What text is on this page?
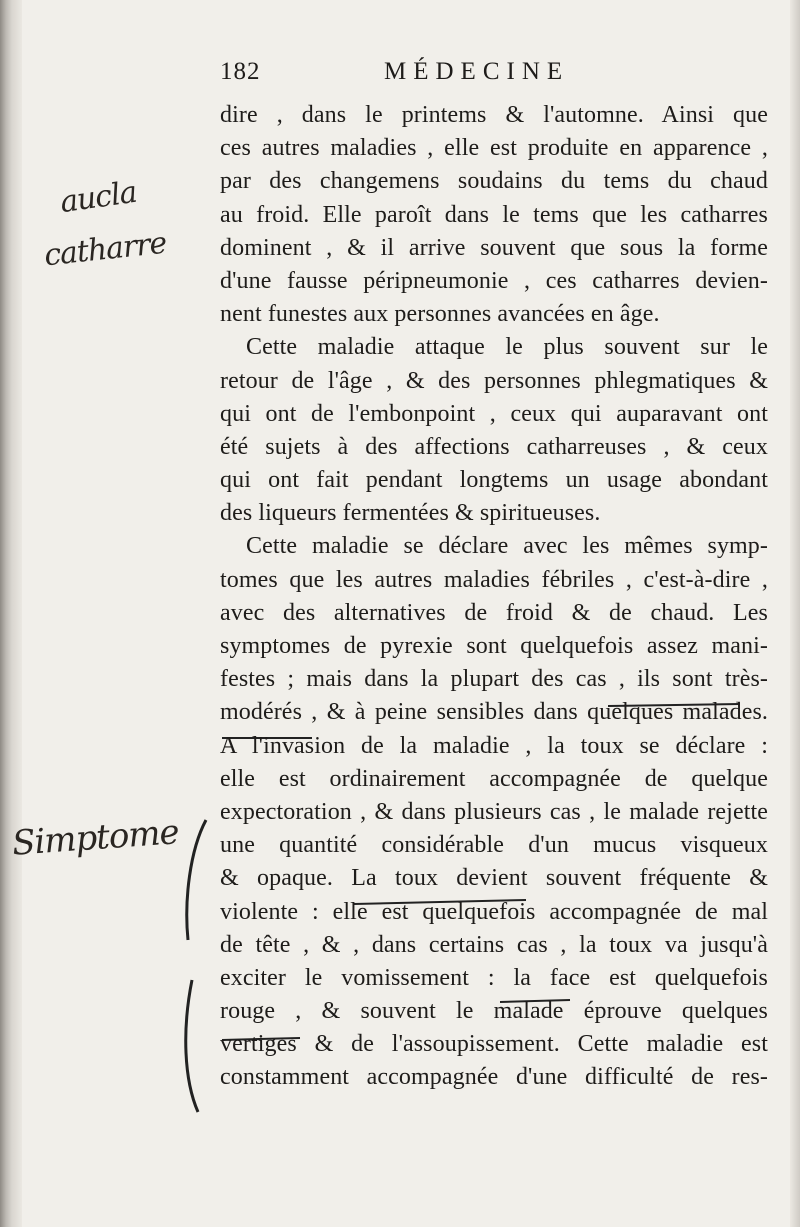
182	MÉDECINE
aucla
catharre
Simptome
dire , dans le printems & l'automne. Ainsi que
ces autres maladies , elle est produite en apparence ,
par des changemens soudains du tems du chaud
au froid. Elle paroît dans le tems que les catharres
dominent , & il arrive souvent que sous la forme
d'une fausse péripneumonie , ces catharres devien-
nent funestes aux personnes avancées en âge.
Cette maladie attaque le plus souvent sur le
retour de l'âge , & des personnes phlegmatiques &
qui ont de l'embonpoint , ceux qui auparavant ont
été sujets à des affections catharreuses , & ceux
qui ont fait pendant longtems un usage abondant
des liqueurs fermentées & spiritueuses.
Cette maladie se déclare avec les mêmes symp-
tomes que les autres maladies fébriles , c'est-à-dire ,
avec des alternatives de froid & de chaud. Les
symptomes de pyrexie sont quelquefois assez mani-
festes ; mais dans la plupart des cas , ils sont très-
modérés , & à peine sensibles dans quelques malades.
A l'invasion de la maladie , la toux se déclare :
elle est ordinairement accompagnée de quelque
expectoration , & dans plusieurs cas , le malade rejette
une quantité considérable d'un mucus visqueux
& opaque. La toux devient souvent fréquente &
violente : elle est quelquefois accompagnée de mal
de tête , & , dans certains cas , la toux va jusqu'à
exciter le vomissement : la face est quelquefois
rouge , & souvent le malade éprouve quelques
vertiges & de l'assoupissement. Cette maladie est
constamment accompagnée d'une difficulté de res-
